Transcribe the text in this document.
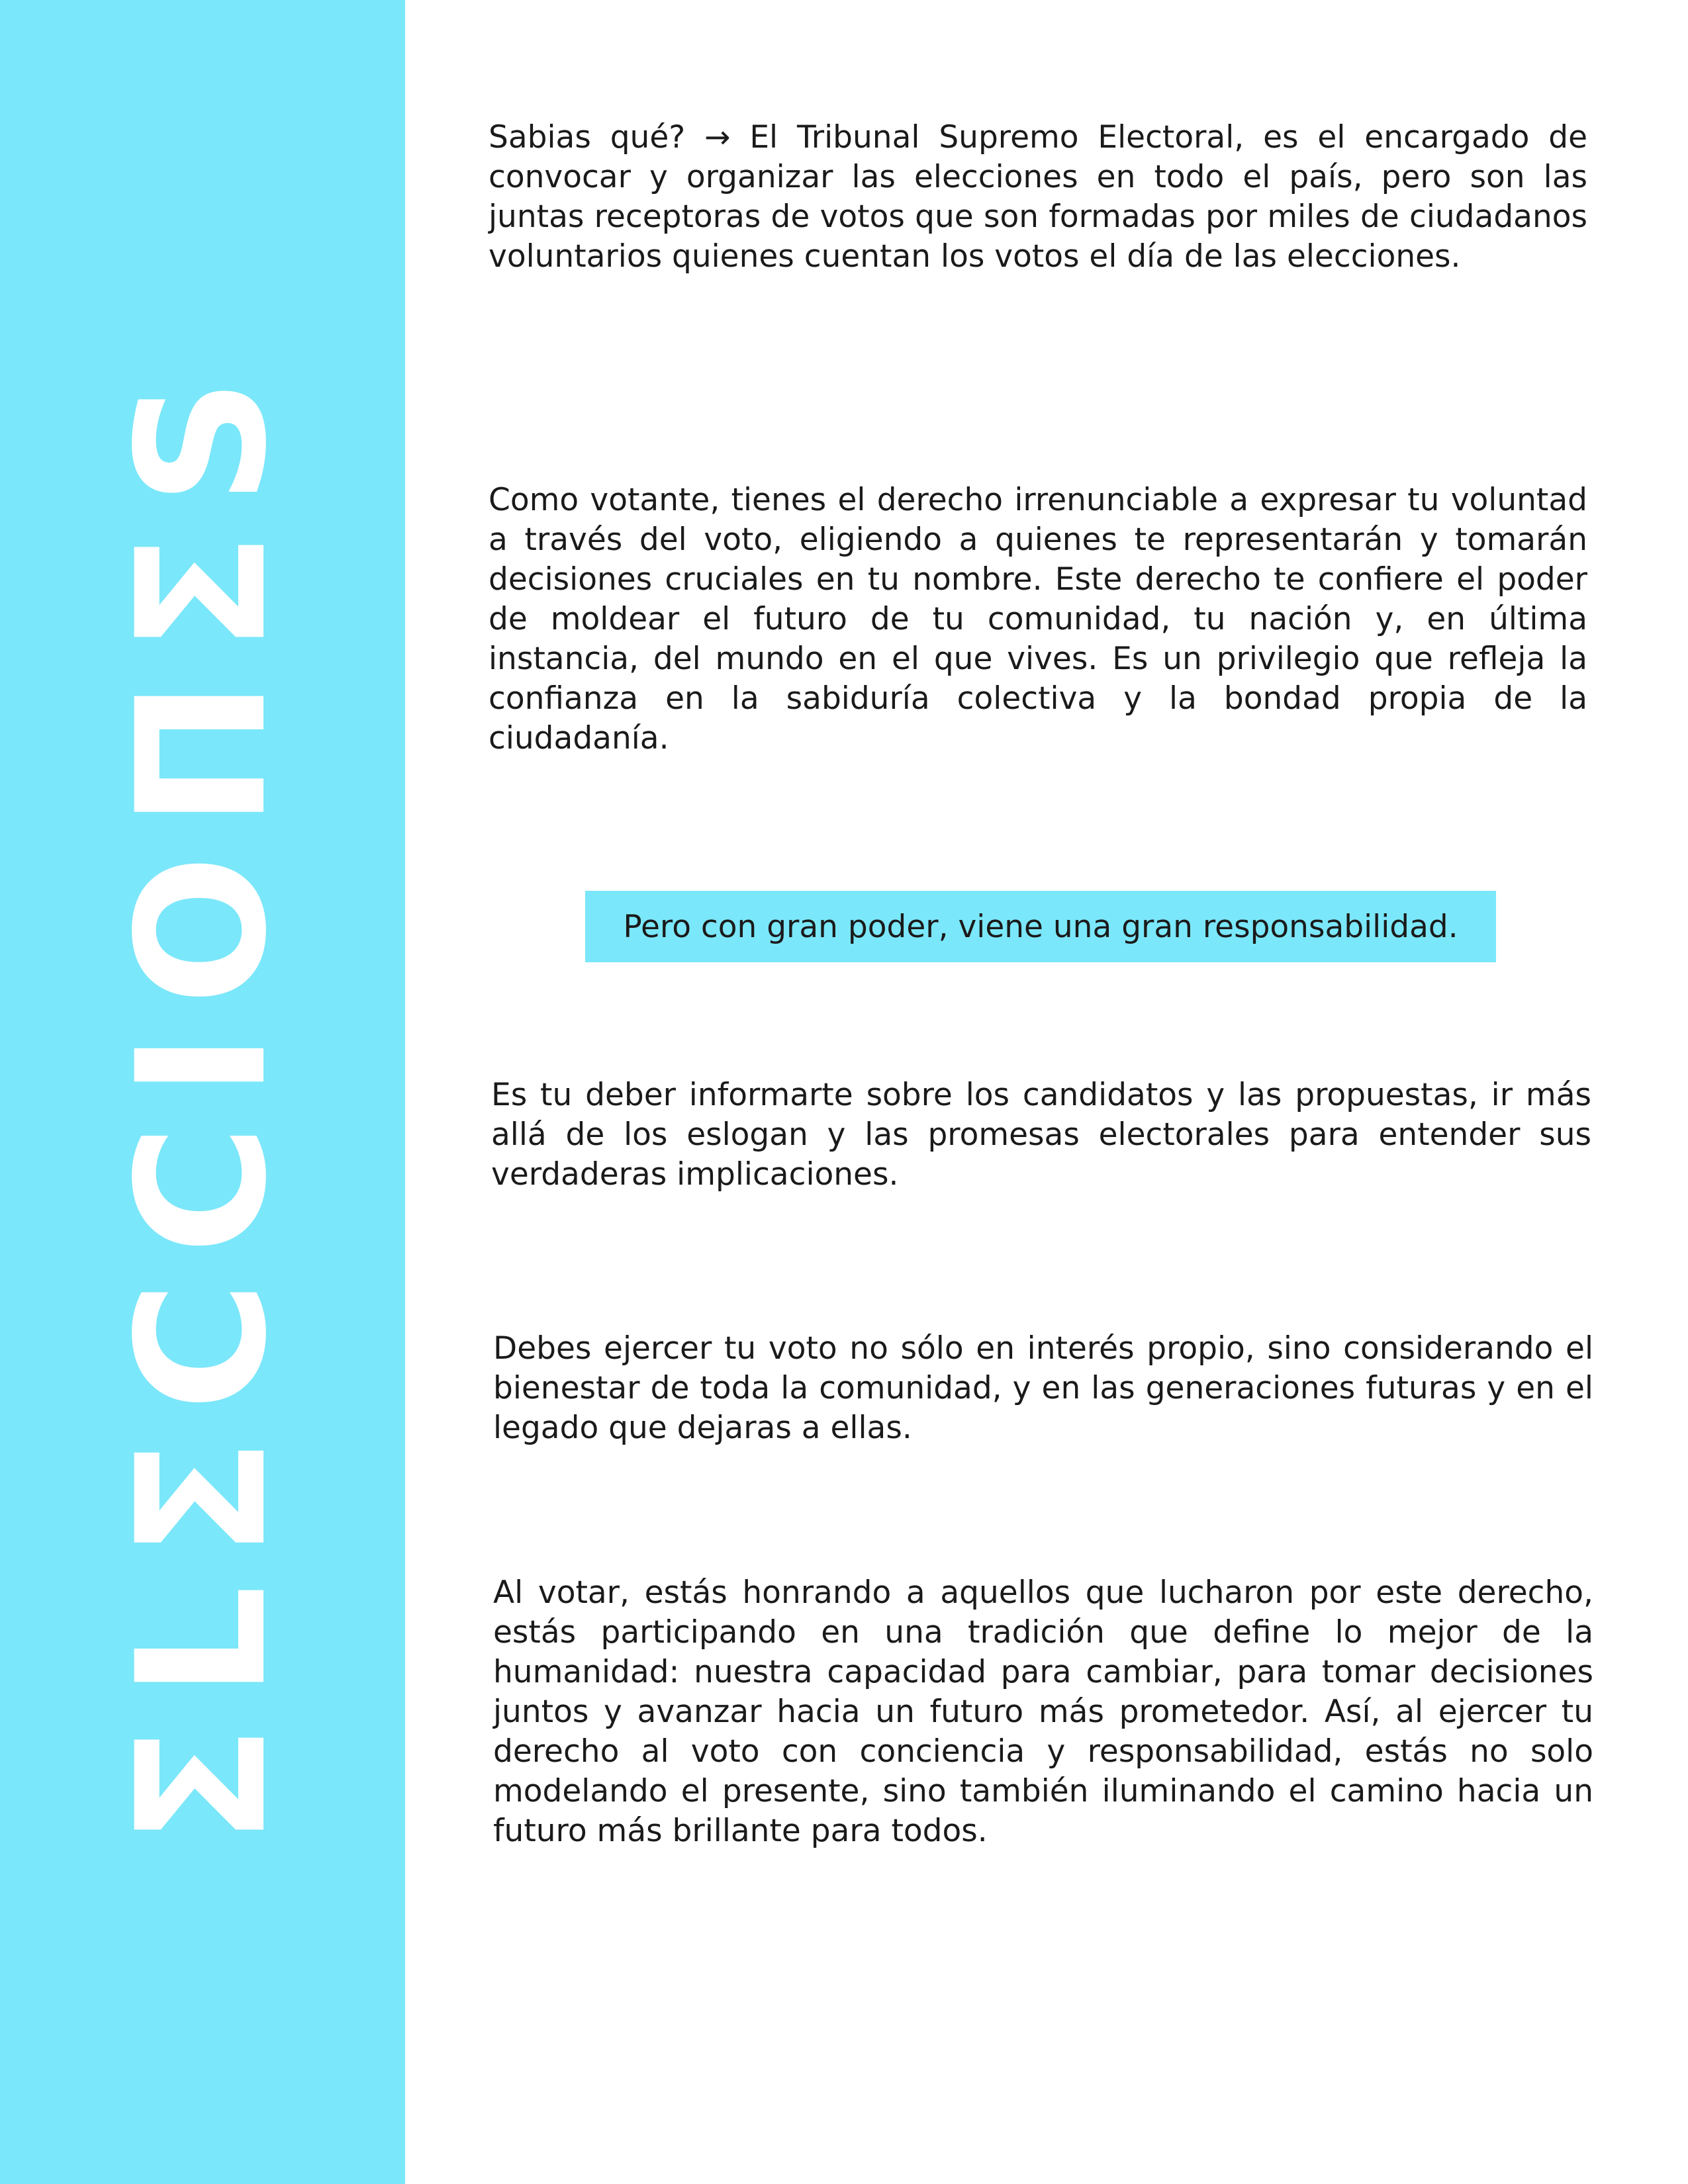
ΣLΣCCIOΠΣS

Sabias qué? → El Tribunal Supremo Electoral, es el encargado de convocar y organizar las elecciones en todo el país, pero son las juntas receptoras de votos que son formadas por miles de ciudadanos voluntarios quienes cuentan los votos el día de las elecciones.

Como votante, tienes el derecho irrenunciable a expresar tu voluntad a través del voto, eligiendo a quienes te representarán y tomarán decisiones cruciales en tu nombre. Este derecho te confiere el poder de moldear el futuro de tu comunidad, tu nación y, en última instancia, del mundo en el que vives. Es un privilegio que refleja la confianza en la sabiduría colectiva y la bondad propia de la ciudadanía.

Pero con gran poder, viene una gran responsabilidad.

Es tu deber informarte sobre los candidatos y las propuestas, ir más allá de los eslogan y las promesas electorales para entender sus verdaderas implicaciones.

Debes ejercer tu voto no sólo en interés propio, sino considerando el bienestar de toda la comunidad, y en las generaciones futuras y en el legado que dejaras a ellas.

Al votar, estás honrando a aquellos que lucharon por este derecho, estás participando en una tradición que define lo mejor de la humanidad: nuestra capacidad para cambiar, para tomar decisiones juntos y avanzar hacia un futuro más prometedor. Así, al ejercer tu derecho al voto con conciencia y responsabilidad, estás no solo modelando el presente, sino también iluminando el camino hacia un futuro más brillante para todos.
